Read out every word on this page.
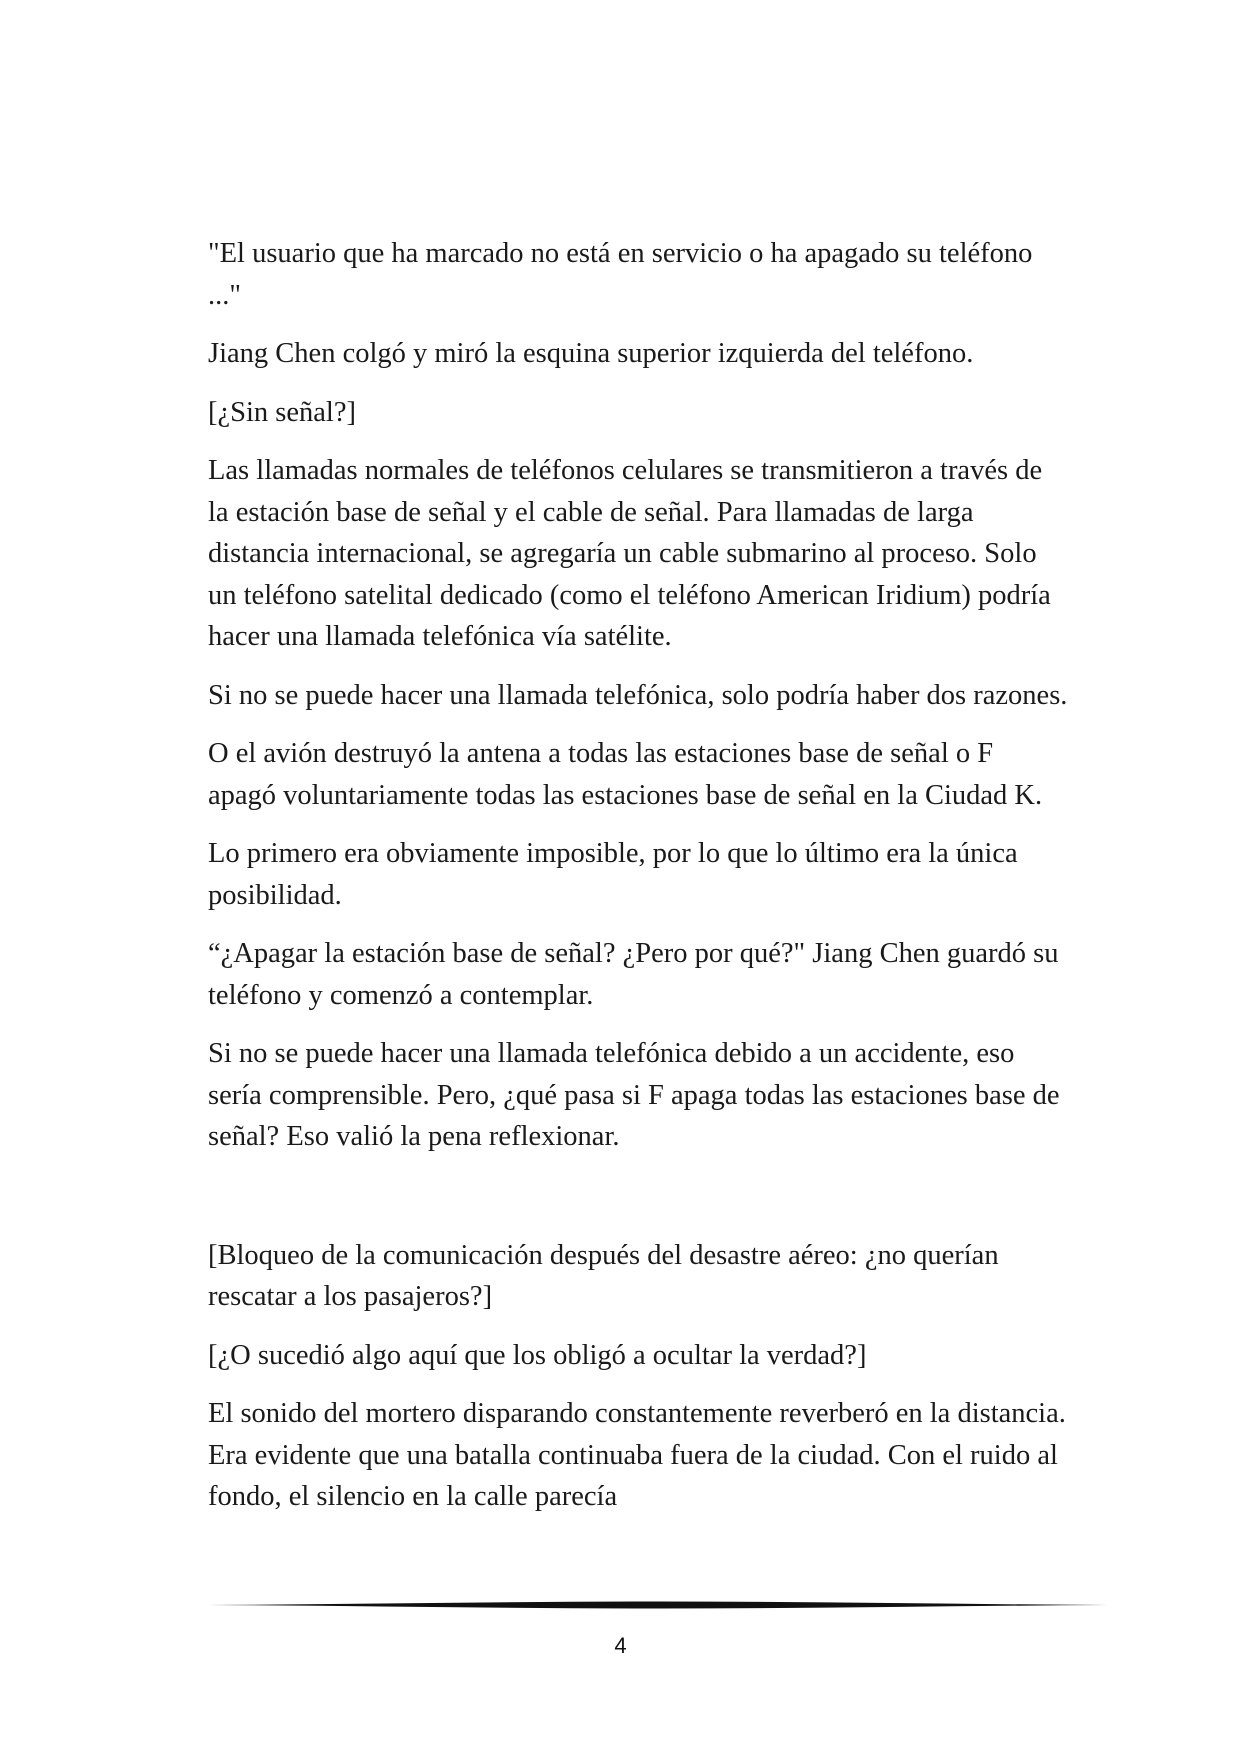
"El usuario que ha marcado no está en servicio o ha apagado su teléfono ..."

Jiang Chen colgó y miró la esquina superior izquierda del teléfono.

[¿Sin señal?]

Las llamadas normales de teléfonos celulares se transmitieron a través de la estación base de señal y el cable de señal. Para llamadas de larga distancia internacional, se agregaría un cable submarino al proceso. Solo un teléfono satelital dedicado (como el teléfono American Iridium) podría hacer una llamada telefónica vía satélite.

Si no se puede hacer una llamada telefónica, solo podría haber dos razones.

O el avión destruyó la antena a todas las estaciones base de señal o F apagó voluntariamente todas las estaciones base de señal en la Ciudad K.

Lo primero era obviamente imposible, por lo que lo último era la única posibilidad.

“¿Apagar la estación base de señal? ¿Pero por qué?" Jiang Chen guardó su teléfono y comenzó a contemplar.

Si no se puede hacer una llamada telefónica debido a un accidente, eso sería comprensible. Pero, ¿qué pasa si F apaga todas las estaciones base de señal? Eso valió la pena reflexionar.

[Bloqueo de la comunicación después del desastre aéreo: ¿no querían rescatar a los pasajeros?]

[¿O sucedió algo aquí que los obligó a ocultar la verdad?]

El sonido del mortero disparando constantemente reverberó en la distancia. Era evidente que una batalla continuaba fuera de la ciudad. Con el ruido al fondo, el silencio en la calle parecía

4
